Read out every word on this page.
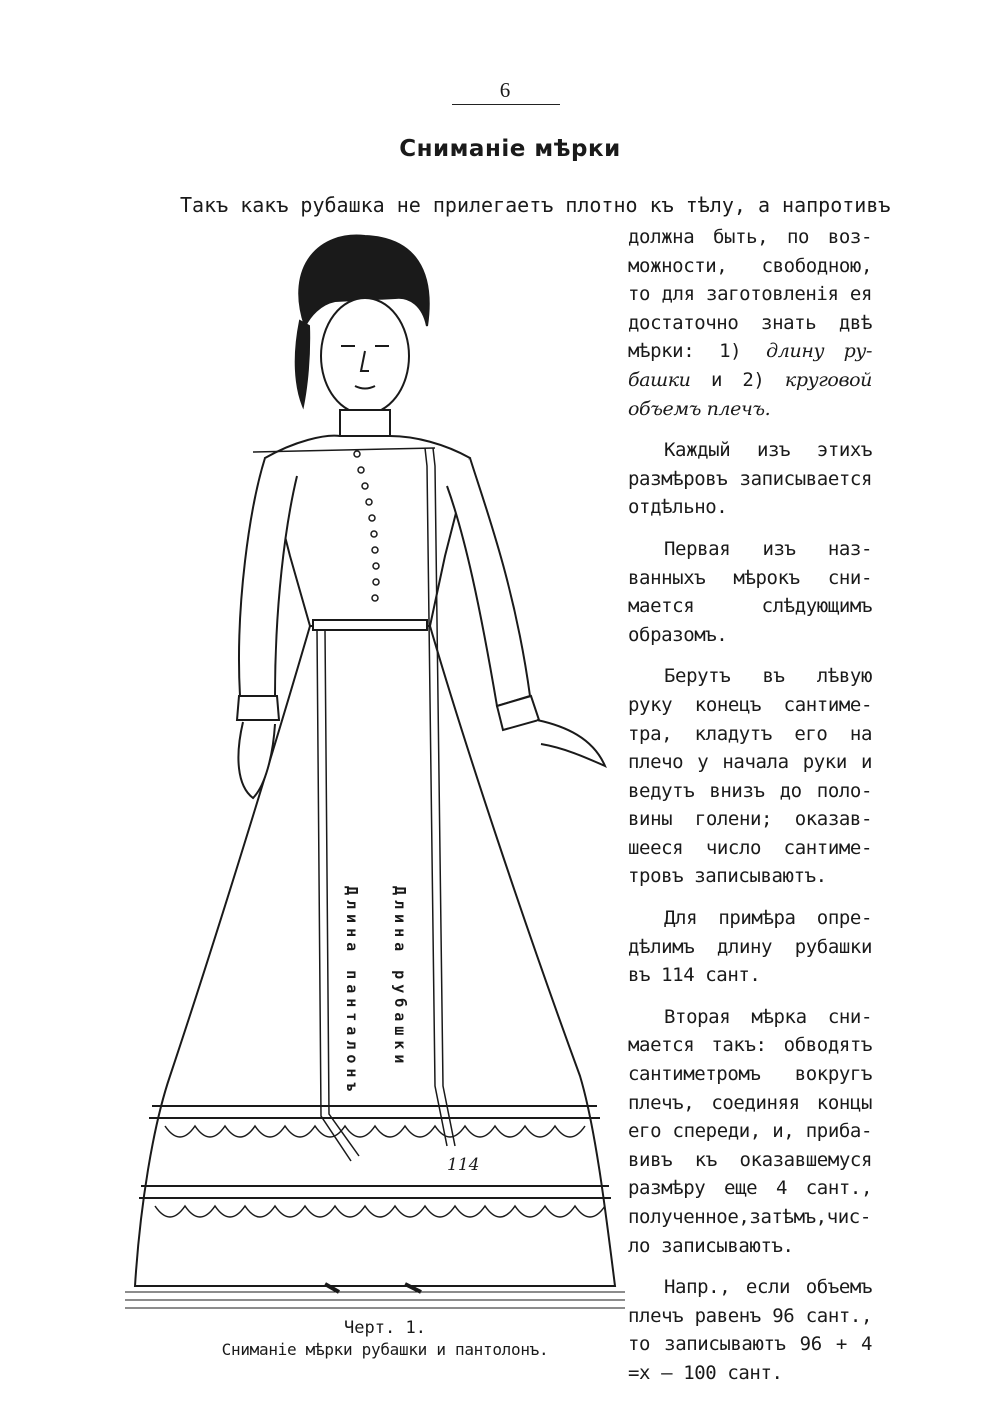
6
Сниманіе мѣрки
Такъ какъ рубашка не прилегаетъ плотно къ тѣлу, а напротивъ

должна быть, по воз-
можности, свободною,
то для заготовленія ея
достаточно знать двѣ
мѣрки: 1) длину ру-
башки и 2) круговой
объемъ плечъ.

Каждый изъ этихъ
размѣровъ записывается
отдѣльно.

Первая изъ наз-
ванныхъ мѣрокъ сни-
мается слѣдующимъ
образомъ.

Берутъ въ лѣвую
руку конецъ сантиме-
тра, кладутъ его на
плечо у начала руки и
ведутъ внизъ до поло-
вины голени; оказав-
шееся число сантиме-
тровъ записываютъ.

Для примѣра опре-
дѣлимъ длину рубашки
въ 114 сант.

Вторая мѣрка сни-
мается такъ: обводятъ
сантиметромъ вокругъ
плечъ, соединяя концы
его спереди, и, приба-
вивъ къ оказавшемуся
размѣру еще 4 сант.,
полученное,затѣмъ,чис-
ло записываютъ.

Напр., если объемъ
плечъ равенъ 96 сант.,
то записываютъ 96 + 4
=х — 100 сант.

Длина рубашки
Длина панталонъ
114
Черт. 1.
Сниманіе мѣрки рубашки и пантолонъ.
